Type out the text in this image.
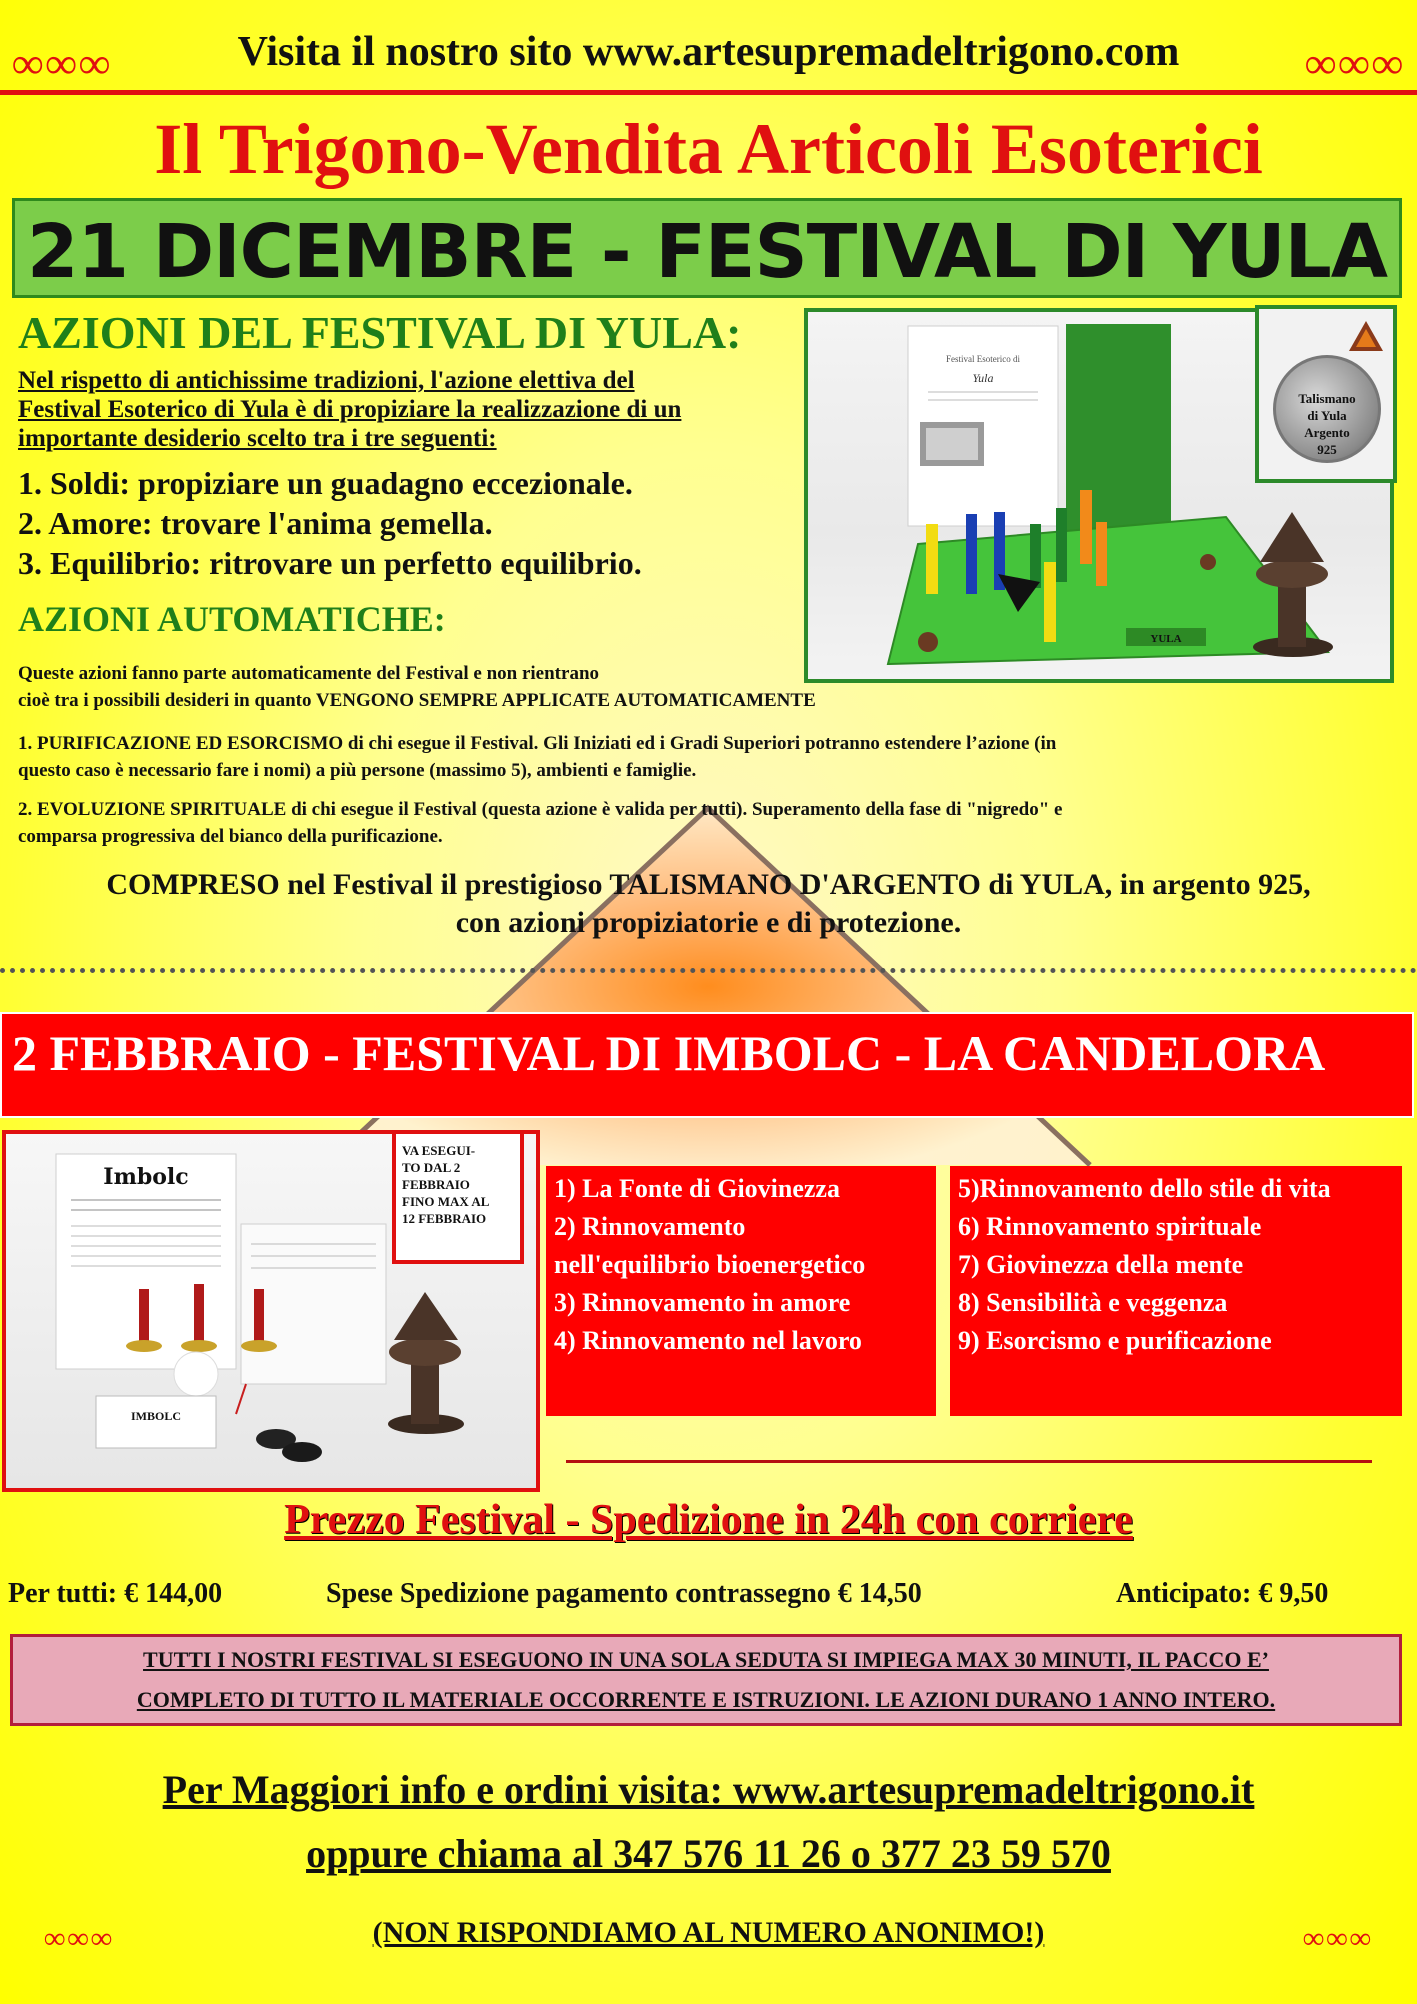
∞∞∞	Visita il nostro sito www.artesupremadeltrigono.com	∞∞∞
Il Trigono-Vendita Articoli Esoterici
21 DICEMBRE - FESTIVAL DI YULA
AZIONI DEL FESTIVAL DI YULA:
Nel rispetto di antichissime tradizioni, l'azione elettiva del
Festival Esoterico di Yula è di propiziare la realizzazione di un
importante desiderio scelto tra i tre seguenti:
1. Soldi: propiziare un guadagno eccezionale.
2. Amore: trovare l'anima gemella.
3. Equilibrio: ritrovare un perfetto equilibrio.
AZIONI AUTOMATICHE:
Queste azioni fanno parte automaticamente del Festival e non rientrano
cioè tra i possibili desideri in quanto VENGONO SEMPRE APPLICATE AUTOMATICAMENTE
1. PURIFICAZIONE ED ESORCISMO di chi esegue il Festival. Gli Iniziati ed i Gradi Superiori potranno estendere l’azione (in
questo caso è necessario fare i nomi) a più persone (massimo 5), ambienti e famiglie.
2. EVOLUZIONE SPIRITUALE di chi esegue il Festival (questa azione è valida per tutti). Superamento della fase di "nigredo" e
comparsa progressiva del bianco della purificazione.
COMPRESO nel Festival il prestigioso TALISMANO D'ARGENTO di YULA, in argento 925,
con azioni propiziatorie e di protezione.
Festival Esoterico di
Yula
YULA
Talismano
di Yula
Argento
925
2 FEBBRAIO - FESTIVAL DI IMBOLC - LA CANDELORA
Imbolc
IMBOLC
VA ESEGUI-
TO DAL 2
FEBBRAIO
FINO MAX AL
12 FEBBRAIO
1) La Fonte di Giovinezza
2) Rinnovamento
nell'equilibrio bioenergetico
3) Rinnovamento in amore
4) Rinnovamento nel lavoro
5)Rinnovamento dello stile di vita
6) Rinnovamento spirituale
7) Giovinezza della mente
8) Sensibilità e veggenza
9) Esorcismo e purificazione
Prezzo Festival - Spedizione in 24h con corriere
Per tutti: € 144,00	Spese Spedizione pagamento contrassegno € 14,50	Anticipato: € 9,50
TUTTI I NOSTRI FESTIVAL SI ESEGUONO IN UNA SOLA SEDUTA SI IMPIEGA MAX 30 MINUTI, IL PACCO E’
COMPLETO DI TUTTO IL MATERIALE OCCORRENTE E ISTRUZIONI. LE AZIONI DURANO 1 ANNO INTERO.
Per Maggiori info e ordini visita: www.artesupremadeltrigono.it
oppure chiama al 347 576 11 26 o 377 23 59 570
∞∞∞	(NON RISPONDIAMO AL NUMERO ANONIMO!)	∞∞∞
